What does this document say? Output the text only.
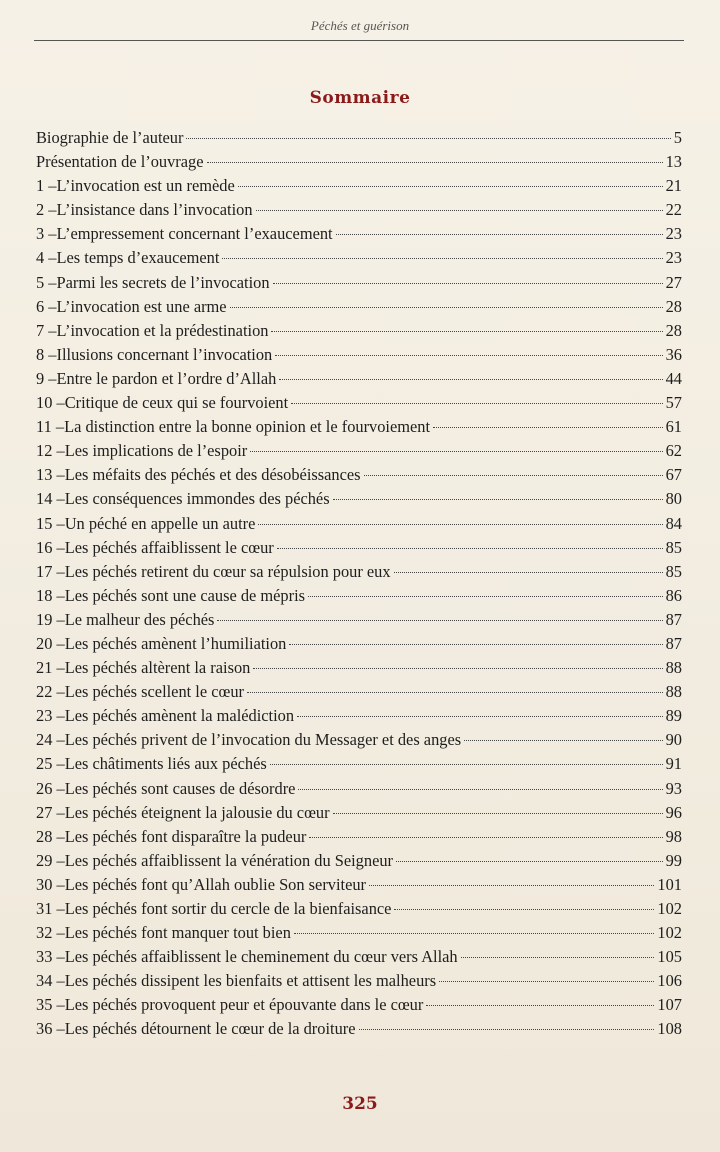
Péchés et guérison
Sommaire
Biographie de l’auteur	5
Présentation de l’ouvrage	13
1 – L’invocation est un remède	21
2 – L’insistance dans l’invocation	22
3 – L’empressement concernant l’exaucement	23
4 – Les temps d’exaucement	23
5 – Parmi les secrets de l’invocation	27
6 – L’invocation est une arme	28
7 – L’invocation et la prédestination	28
8 – Illusions concernant l’invocation	36
9 – Entre le pardon et l’ordre d’Allah	44
10 – Critique de ceux qui se fourvoient	57
11 – La distinction entre la bonne opinion et le fourvoiement	61
12 – Les implications de l’espoir	62
13 – Les méfaits des péchés et des désobéissances	67
14 – Les conséquences immondes des péchés	80
15 – Un péché en appelle un autre	84
16 – Les péchés affaiblissent le cœur	85
17 – Les péchés retirent du cœur sa répulsion pour eux	85
18 – Les péchés sont une cause de mépris	86
19 – Le malheur des péchés	87
20 – Les péchés amènent l’humiliation	87
21 – Les péchés altèrent la raison	88
22 – Les péchés scellent le cœur	88
23 – Les péchés amènent la malédiction	89
24 – Les péchés privent de l’invocation du Messager et des anges	90
25 – Les châtiments liés aux péchés	91
26 – Les péchés sont causes de désordre	93
27 – Les péchés éteignent la jalousie du cœur	96
28 – Les péchés font disparaître la pudeur	98
29 – Les péchés affaiblissent la vénération du Seigneur	99
30 – Les péchés font qu’Allah oublie Son serviteur	101
31 – Les péchés font sortir du cercle de la bienfaisance	102
32 – Les péchés font manquer tout bien	102
33 – Les péchés affaiblissent le cheminement du cœur vers Allah	105
34 – Les péchés dissipent les bienfaits et attisent les malheurs	106
35 – Les péchés provoquent peur et épouvante dans le cœur	107
36 – Les péchés détournent le cœur de la droiture	108
325
